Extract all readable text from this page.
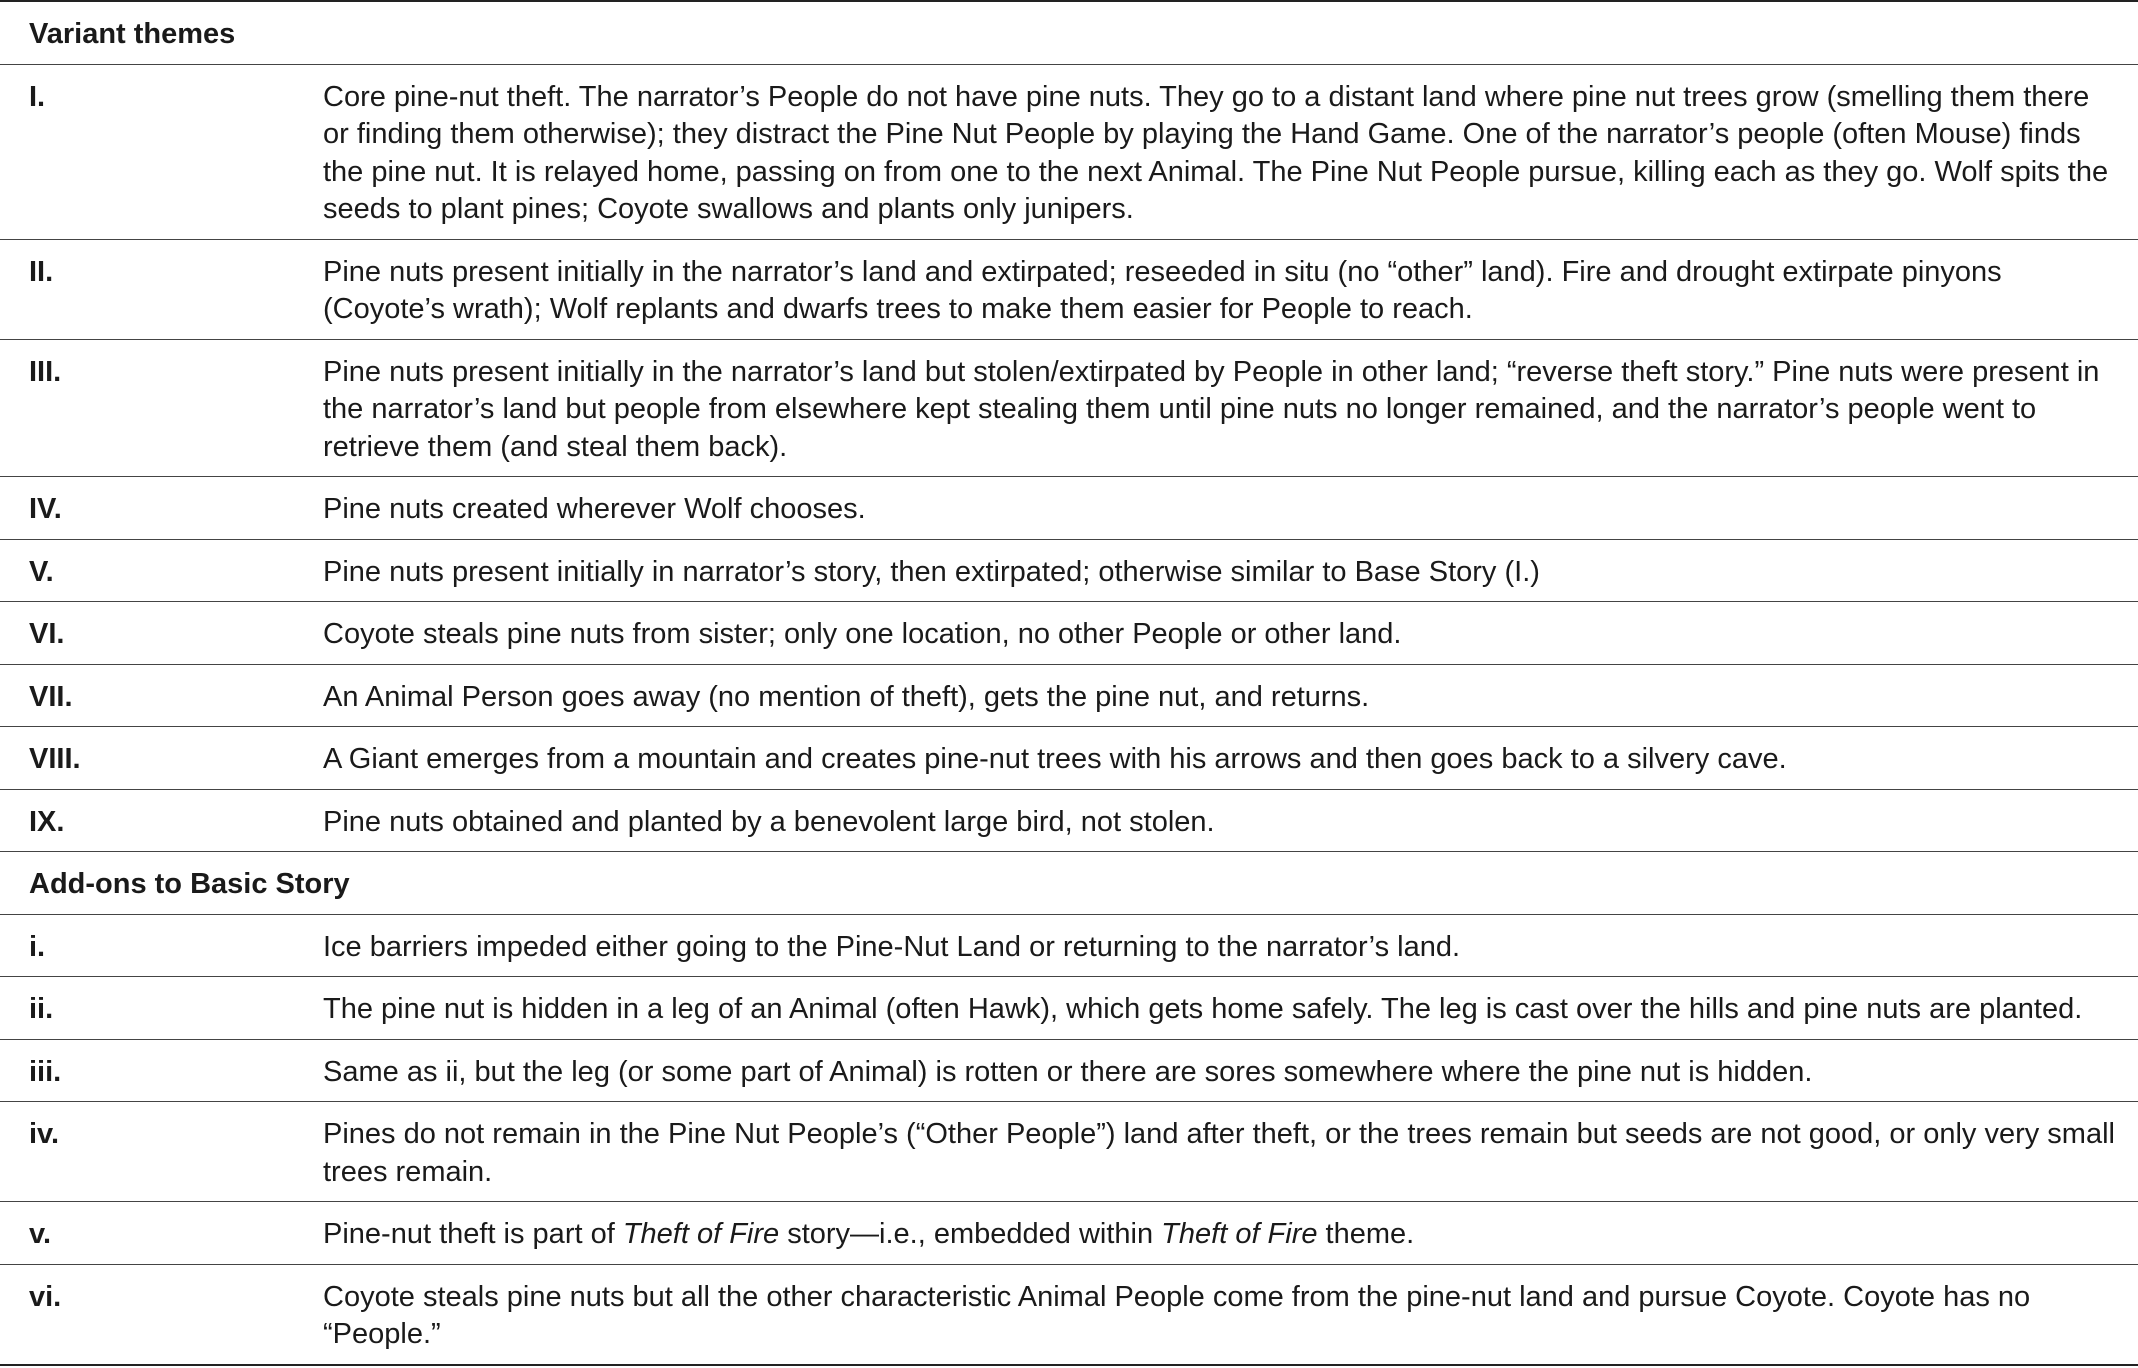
Variant themes
I.	Core pine-nut theft. The narrator’s People do not have pine nuts. They go to a distant land where pine nut trees grow (smelling them there or finding them otherwise); they distract the Pine Nut People by playing the Hand Game. One of the narrator’s people (often Mouse) finds the pine nut. It is relayed home, passing on from one to the next Animal. The Pine Nut People pursue, killing each as they go. Wolf spits the seeds to plant pines; Coyote swallows and plants only junipers.
II.	Pine nuts present initially in the narrator’s land and extirpated; reseeded in situ (no “other” land). Fire and drought extirpate pinyons (Coyote’s wrath); Wolf replants and dwarfs trees to make them easier for People to reach.
III.	Pine nuts present initially in the narrator’s land but stolen/extirpated by People in other land; “reverse theft story.” Pine nuts were present in the narrator’s land but people from elsewhere kept stealing them until pine nuts no longer remained, and the narrator’s people went to retrieve them (and steal them back).
IV.	Pine nuts created wherever Wolf chooses.
V.	Pine nuts present initially in narrator’s story, then extirpated; otherwise similar to Base Story (I.)
VI.	Coyote steals pine nuts from sister; only one location, no other People or other land.
VII.	An Animal Person goes away (no mention of theft), gets the pine nut, and returns.
VIII.	A Giant emerges from a mountain and creates pine-nut trees with his arrows and then goes back to a silvery cave.
IX.	Pine nuts obtained and planted by a benevolent large bird, not stolen.
Add-ons to Basic Story
i.	Ice barriers impeded either going to the Pine-Nut Land or returning to the narrator’s land.
ii.	The pine nut is hidden in a leg of an Animal (often Hawk), which gets home safely. The leg is cast over the hills and pine nuts are planted.
iii.	Same as ii, but the leg (or some part of Animal) is rotten or there are sores somewhere where the pine nut is hidden.
iv.	Pines do not remain in the Pine Nut People’s (“Other People”) land after theft, or the trees remain but seeds are not good, or only very small trees remain.
v.	Pine-nut theft is part of Theft of Fire story—i.e., embedded within Theft of Fire theme.
vi.	Coyote steals pine nuts but all the other characteristic Animal People come from the pine-nut land and pursue Coyote. Coyote has no “People.”
